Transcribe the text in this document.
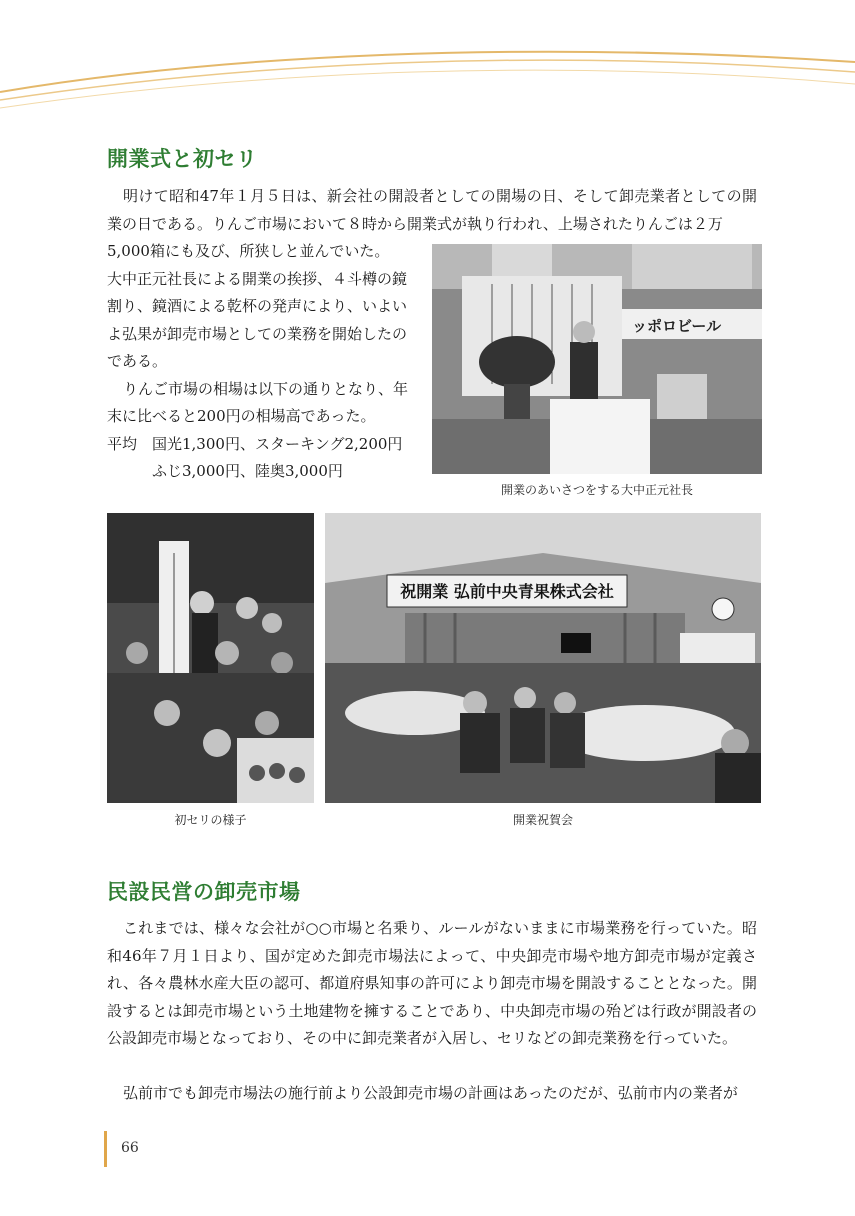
開業式と初セリ

明けて昭和47年１月５日は、新会社の開設者としての開場の日、そして卸売業者としての開業の日である。りんご市場において８時から開業式が執り行われ、上場されたりんごは２万

5,000箱にも及び、所狭しと並んでいた。

大中正元社長による開業の挨拶、４斗樽の鏡割り、鏡酒による乾杯の発声により、いよいよ弘果が卸売市場としての業務を開始したのである。

りんご市場の相場は以下の通りとなり、年末に比べると200円の相場高であった。

平均　国光1,300円、スターキング2,200円

ふじ3,000円、陸奥3,000円

ッポロビール

開業のあいさつをする大中正元社長

初セリの様子

祝開業 弘前中央青果株式会社

開業祝賀会

民設民営の卸売市場

これまでは、様々な会社が○○市場と名乗り、ルールがないままに市場業務を行っていた。昭和46年７月１日より、国が定めた卸売市場法によって、中央卸売市場や地方卸売市場が定義され、各々農林水産大臣の認可、都道府県知事の許可により卸売市場を開設することとなった。開設するとは卸売市場という土地建物を擁することであり、中央卸売市場の殆どは行政が開設者の公設卸売市場となっており、その中に卸売業者が入居し、セリなどの卸売業務を行っていた。

弘前市でも卸売市場法の施行前より公設卸売市場の計画はあったのだが、弘前市内の業者が

66
